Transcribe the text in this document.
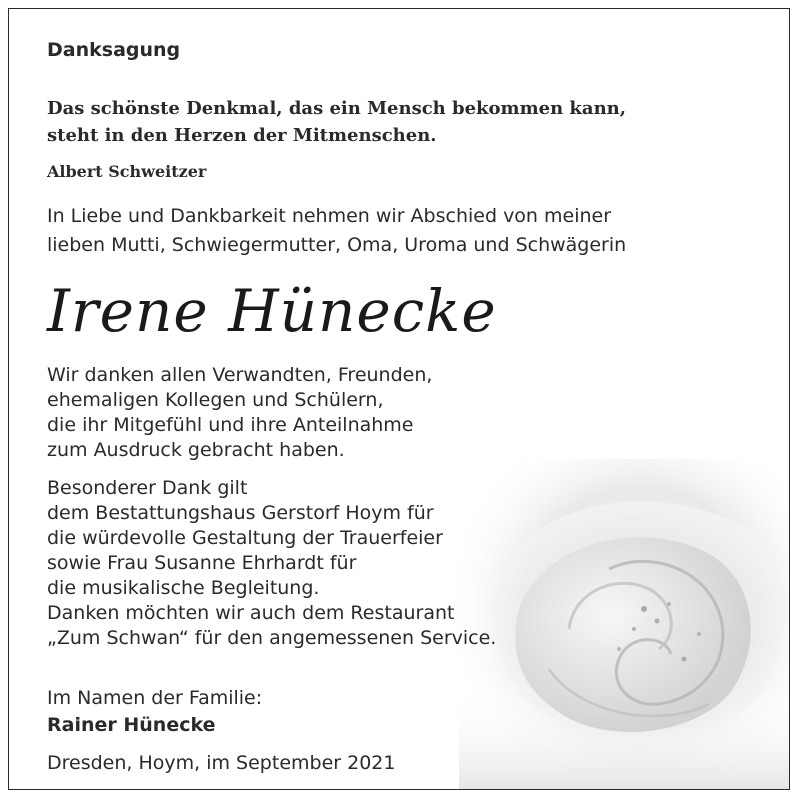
Danksagung
Das schönste Denkmal, das ein Mensch bekommen kann,
steht in den Herzen der Mitmenschen.
Albert Schweitzer
In Liebe und Dankbarkeit nehmen wir Abschied von meiner
lieben Mutti, Schwiegermutter, Oma, Uroma und Schwägerin
Irene Hünecke
Wir danken allen Verwandten, Freunden,
ehemaligen Kollegen und Schülern,
die ihr Mitgefühl und ihre Anteilnahme
zum Ausdruck gebracht haben.
Besonderer Dank gilt
dem Bestattungshaus Gerstorf Hoym für
die würdevolle Gestaltung der Trauerfeier
sowie Frau Susanne Ehrhardt für
die musikalische Begleitung.
Danken möchten wir auch dem Restaurant
„Zum Schwan“ für den angemessenen Service.
Im Namen der Familie:
Rainer Hünecke
Dresden, Hoym, im September 2021
